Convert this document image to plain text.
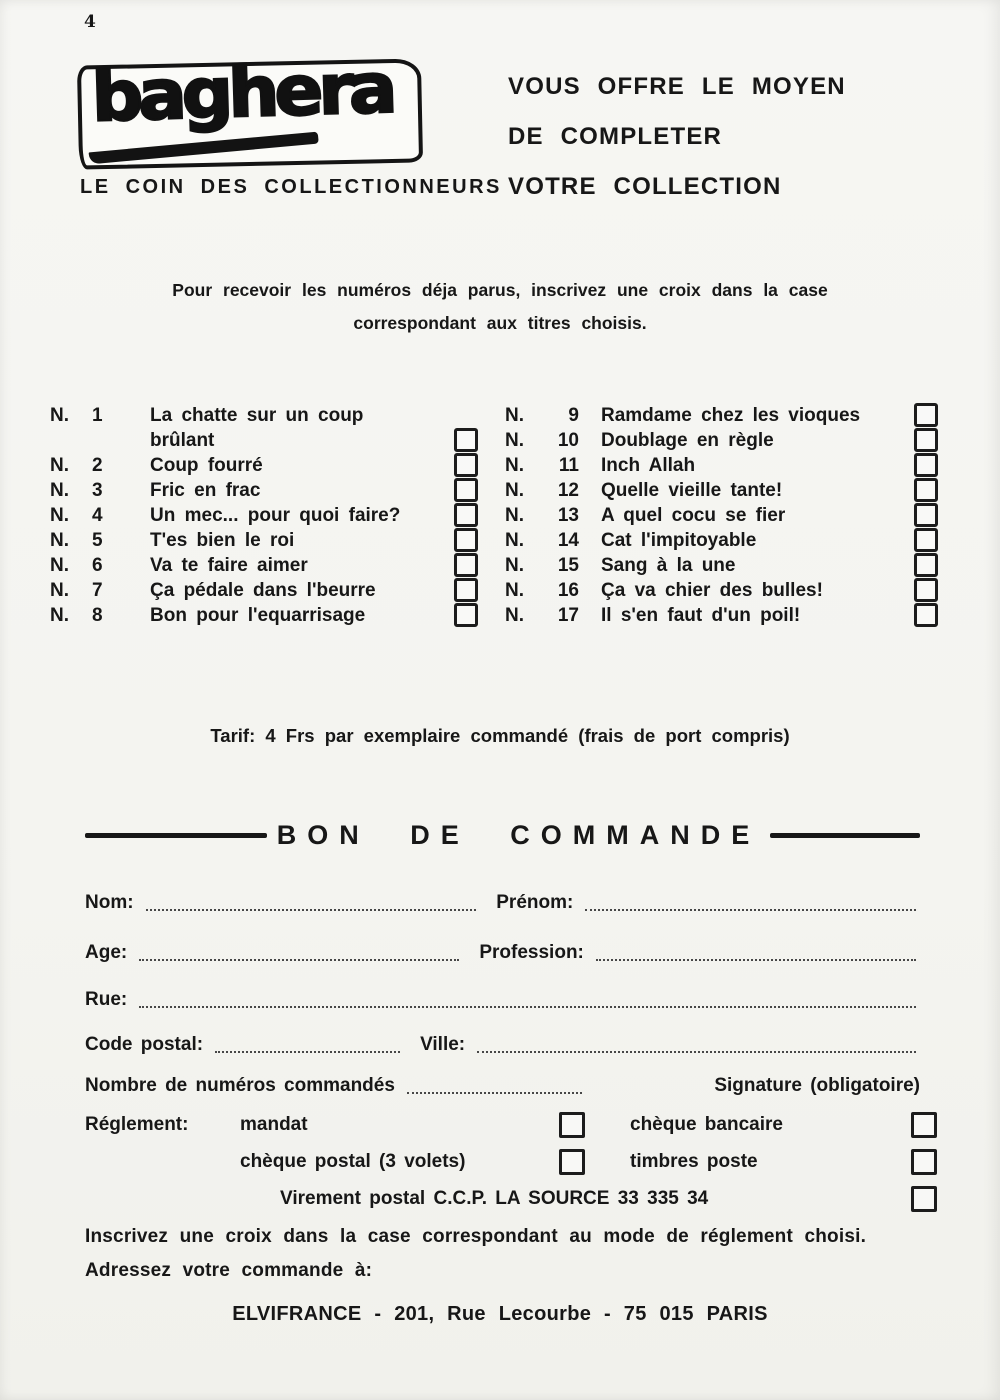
4
baghera
LE COIN DES COLLECTIONNEURS
VOUS OFFRE LE MOYEN
DE COMPLETER
VOTRE COLLECTION
Pour recevoir les numéros déja parus, inscrivez une croix dans la case
correspondant aux titres choisis.
N.	1	La chatte sur un coup
brûlant
N.	2	Coup fourré
N.	3	Fric en frac
N.	4	Un mec... pour quoi faire?
N.	5	T'es bien le roi
N.	6	Va te faire aimer
N.	7	Ça pédale dans l'beurre
N.	8	Bon pour l'equarrisage
N.	9 Ramdame chez les vioques
N.	10 Doublage en règle
N.	11 Inch Allah
N.	12 Quelle vieille tante!
N.	13 A quel cocu se fier
N.	14 Cat l'impitoyable
N.	15 Sang à la une
N.	16 Ça va chier des bulles!
N.	17 Il s'en faut d'un poil!
Tarif: 4 Frs par exemplaire commandé (frais de port compris)
BON DE COMMANDE
Nom:	Prénom:
Age:	Profession:
Rue:
Code postal:	Ville:
Nombre de numéros commandés	Signature (obligatoire)
Réglement:	mandat	chèque bancaire
chèque postal (3 volets)	timbres poste
Virement postal C.C.P. LA SOURCE 33 335 34
Inscrivez une croix dans la case correspondant au mode de réglement choisi.
Adressez votre commande à:
ELVIFRANCE - 201, Rue Lecourbe - 75 015 PARIS
